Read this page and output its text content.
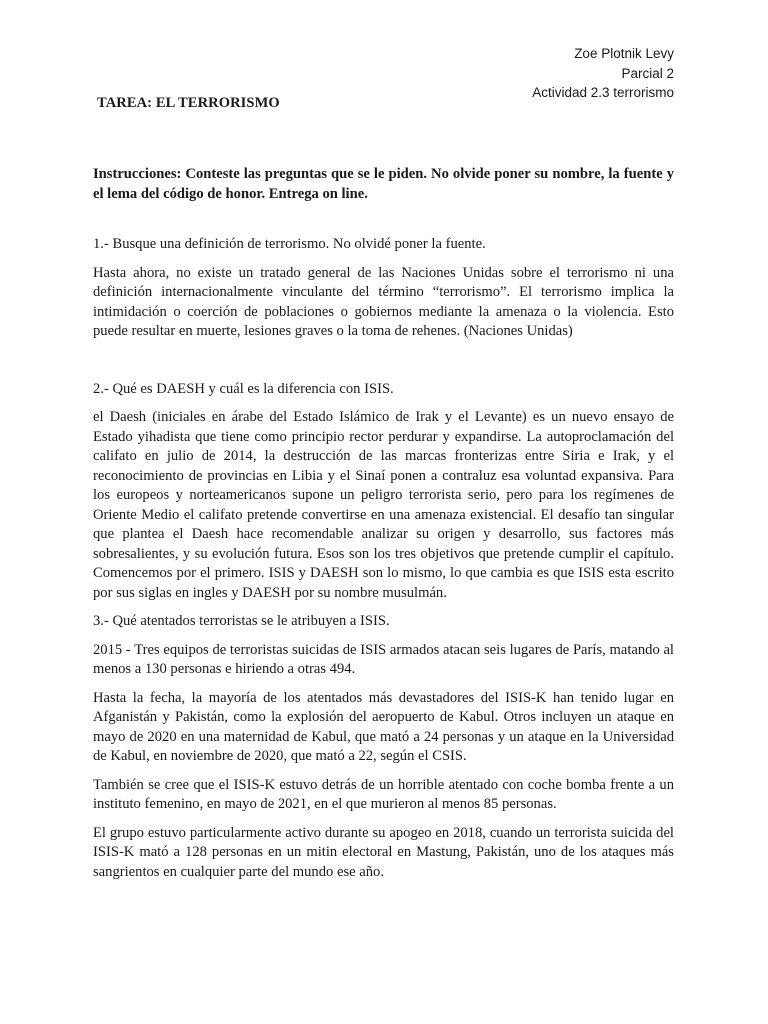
Zoe Plotnik Levy
Parcial 2
Actividad 2.3 terrorismo
TAREA: EL TERRORISMO

Instrucciones: Conteste las preguntas que se le piden. No olvide poner su nombre, la fuente y el lema del código de honor. Entrega on line.

1.- Busque una definición de terrorismo. No olvidé poner la fuente.

Hasta ahora, no existe un tratado general de las Naciones Unidas sobre el terrorismo ni una definición internacionalmente vinculante del término “terrorismo”. El terrorismo implica la intimidación o coerción de poblaciones o gobiernos mediante la amenaza o la violencia. Esto puede resultar en muerte, lesiones graves o la toma de rehenes. (Naciones Unidas)

2.- Qué es DAESH y cuál es la diferencia con ISIS.

el Daesh (iniciales en árabe del Estado Islámico de Irak y el Levante) es un nuevo ensayo de Estado yihadista que tiene como principio rector perdurar y expandirse. La autoproclamación del califato en julio de 2014, la destrucción de las marcas fronterizas entre Siria e Irak, y el reconocimiento de provincias en Libia y el Sinaí ponen a contraluz esa voluntad expansiva. Para los europeos y norteamericanos supone un peligro terrorista serio, pero para los regímenes de Oriente Medio el califato pretende convertirse en una amenaza existencial. El desafío tan singular que plantea el Daesh hace recomendable analizar su origen y desarrollo, sus factores más sobresalientes, y su evolución futura. Esos son los tres objetivos que pretende cumplir el capítulo. Comencemos por el primero. ISIS y DAESH son lo mismo, lo que cambia es que ISIS esta escrito por sus siglas en ingles y DAESH por su nombre musulmán.

3.- Qué atentados terroristas se le atribuyen a ISIS.

2015 - Tres equipos de terroristas suicidas de ISIS armados atacan seis lugares de París, matando al menos a 130 personas e hiriendo a otras 494.

Hasta la fecha, la mayoría de los atentados más devastadores del ISIS-K han tenido lugar en Afganistán y Pakistán, como la explosión del aeropuerto de Kabul. Otros incluyen un ataque en mayo de 2020 en una maternidad de Kabul, que mató a 24 personas y un ataque en la Universidad de Kabul, en noviembre de 2020, que mató a 22, según el CSIS.

También se cree que el ISIS-K estuvo detrás de un horrible atentado con coche bomba frente a un instituto femenino, en mayo de 2021, en el que murieron al menos 85 personas.

El grupo estuvo particularmente activo durante su apogeo en 2018, cuando un terrorista suicida del ISIS-K mató a 128 personas en un mitin electoral en Mastung, Pakistán, uno de los ataques más sangrientos en cualquier parte del mundo ese año.
